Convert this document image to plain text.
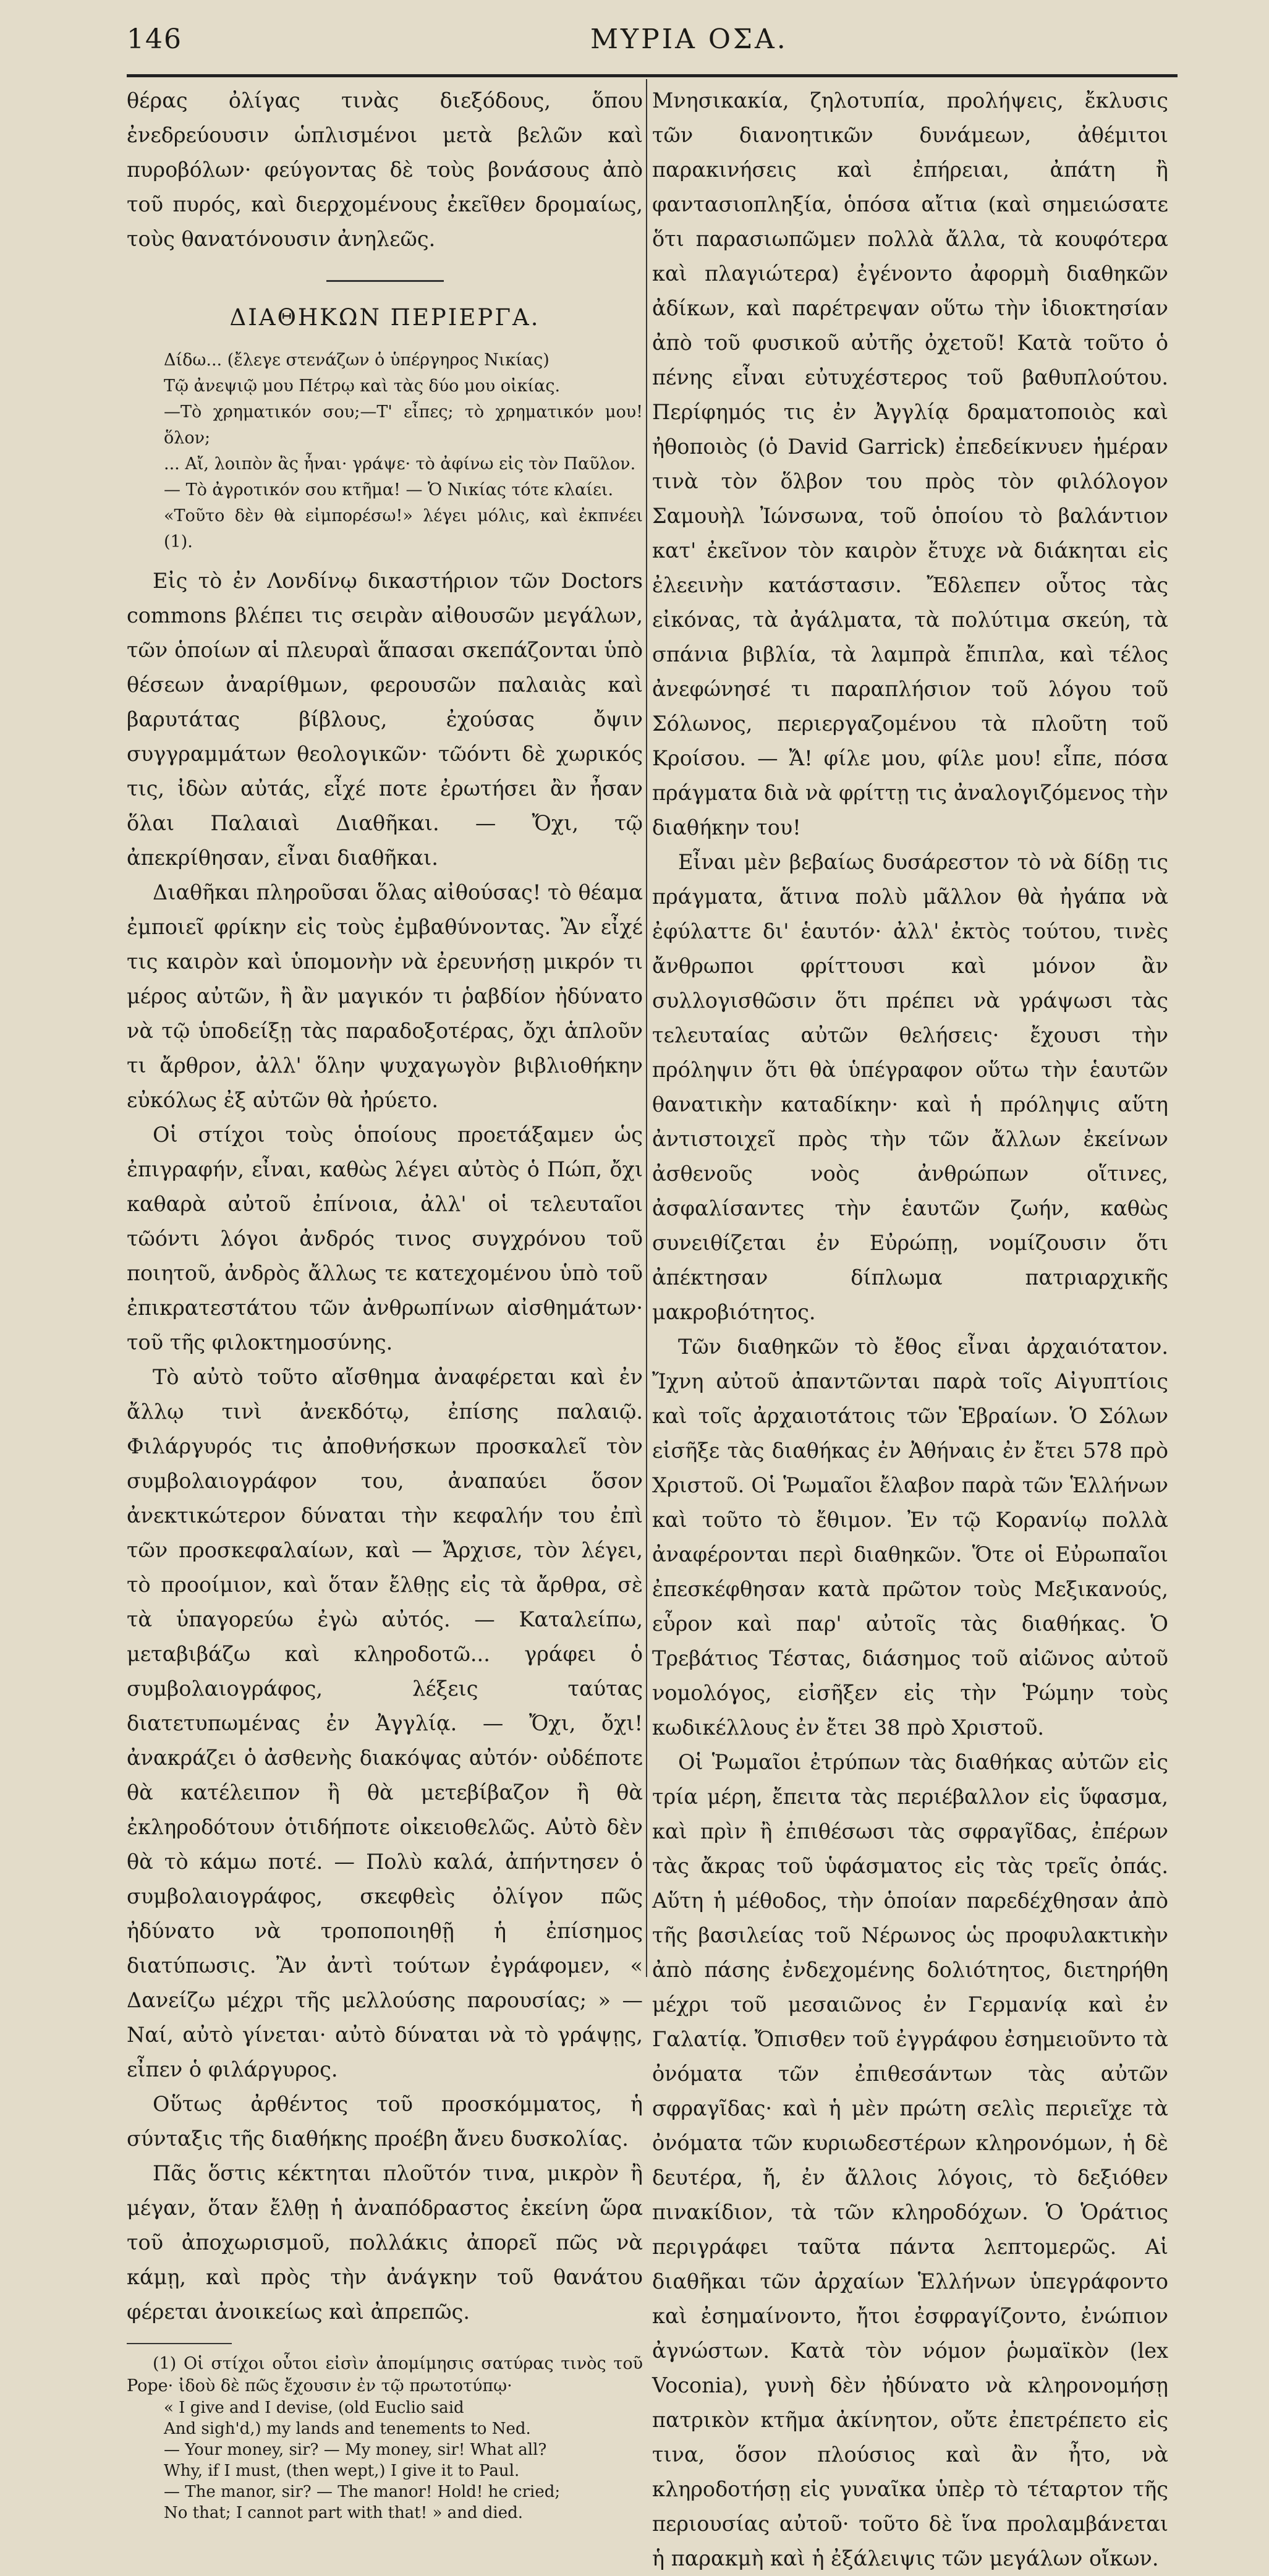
146	ΜΥΡΙΑ ΟΣΑ.

θέρας ὀλίγας τινὰς διεξόδους, ὅπου ἐνεδρεύουσιν ὡπλισμένοι μετὰ βελῶν καὶ πυροβόλων· φεύγοντας δὲ τοὺς βονάσους ἀπὸ τοῦ πυρός, καὶ διερχομένους ἐκεῖθεν δρομαίως, τοὺς θανατόνουσιν ἀνηλεῶς.

ΔΙΑΘΗΚΩΝ ΠΕΡΙΕΡΓΑ.
Δίδω... (ἔλεγε στενάζων ὁ ὑπέργηρος Νικίας)
Τῷ ἀνεψιῷ μου Πέτρῳ καὶ τὰς δύο μου οἰκίας.
—Τὸ χρηματικόν σου;—Τ' εἶπες; τὸ χρηματικόν μου! ὅλον;
... Αἴ, λοιπὸν ἂς ἦναι· γράψε· τὸ ἀφίνω εἰς τὸν Παῦλον.
— Τὸ ἀγροτικόν σου κτῆμα! — Ὁ Νικίας τότε κλαίει.
«Τοῦτο δὲν θὰ εἰμπορέσω!» λέγει μόλις, καὶ ἐκπνέει (1).

Εἰς τὸ ἐν Λονδίνῳ δικαστήριον τῶν Doctors commons βλέπει τις σειρὰν αἰθουσῶν μεγάλων, τῶν ὁποίων αἱ πλευραὶ ἅπασαι σκεπάζονται ὑπὸ θέσεων ἀναρίθμων, φερουσῶν παλαιὰς καὶ βαρυτάτας βίβλους, ἐχούσας ὄψιν συγγραμμάτων θεολογικῶν· τῶόντι δὲ χωρικός τις, ἰδὼν αὐτάς, εἶχέ ποτε ἐρωτήσει ἂν ἦσαν ὅλαι Παλαιαὶ Διαθῆκαι. — Ὄχι, τῷ ἀπεκρίθησαν, εἶναι διαθῆκαι.

Διαθῆκαι πληροῦσαι ὅλας αἰθούσας! τὸ θέαμα ἐμποιεῖ φρίκην εἰς τοὺς ἐμβαθύνοντας. Ἂν εἶχέ τις καιρὸν καὶ ὑπομονὴν νὰ ἐρευνήσῃ μικρόν τι μέρος αὐτῶν, ἢ ἂν μαγικόν τι ῥαβδίον ἠδύνατο νὰ τῷ ὑποδείξῃ τὰς παραδοξοτέρας, ὄχι ἁπλοῦν τι ἄρθρον, ἀλλ' ὅλην ψυχαγωγὸν βιβλιοθήκην εὐκόλως ἐξ αὐτῶν θὰ ἠρύετο.

Οἱ στίχοι τοὺς ὁποίους προετάξαμεν ὡς ἐπιγραφήν, εἶναι, καθὼς λέγει αὐτὸς ὁ Πώπ, ὄχι καθαρὰ αὐτοῦ ἐπίνοια, ἀλλ' οἱ τελευταῖοι τῶόντι λόγοι ἀνδρός τινος συγχρόνου τοῦ ποιητοῦ, ἀνδρὸς ἄλλως τε κατεχομένου ὑπὸ τοῦ ἐπικρατεστάτου τῶν ἀνθρωπίνων αἰσθημάτων· τοῦ τῆς φιλοκτημοσύνης.

Τὸ αὐτὸ τοῦτο αἴσθημα ἀναφέρεται καὶ ἐν ἄλλῳ τινὶ ἀνεκδότῳ, ἐπίσης παλαιῷ. Φιλάργυρός τις ἀποθνήσκων προσκαλεῖ τὸν συμβολαιογράφον του, ἀναπαύει ὅσον ἀνεκτικώτερον δύναται τὴν κεφαλήν του ἐπὶ τῶν προσκεφαλαίων, καὶ — Ἄρχισε, τὸν λέγει, τὸ προοίμιον, καὶ ὅταν ἔλθῃς εἰς τὰ ἄρθρα, σὲ τὰ ὑπαγορεύω ἐγὼ αὐτός. — Καταλείπω, μεταβιβάζω καὶ κληροδοτῶ... γράφει ὁ συμβολαιογράφος, λέξεις ταύτας διατετυπωμένας ἐν Ἀγγλίᾳ. — Ὄχι, ὄχι! ἀνακράζει ὁ ἀσθενὴς διακόψας αὐτόν· οὐδέποτε θὰ κατέλειπον ἢ θὰ μετεβίβαζον ἢ θὰ ἐκληροδότουν ὁτιδήποτε οἰκειοθελῶς. Αὐτὸ δὲν θὰ τὸ κάμω ποτέ. — Πολὺ καλά, ἀπήντησεν ὁ συμβολαιογράφος, σκεφθεὶς ὀλίγον πῶς ἠδύνατο νὰ τροποποιηθῇ ἡ ἐπίσημος διατύπωσις. Ἂν ἀντὶ τούτων ἐγράφομεν, « Δανείζω μέχρι τῆς μελλούσης παρουσίας; » — Ναί, αὐτὸ γίνεται· αὐτὸ δύναται νὰ τὸ γράψῃς, εἶπεν ὁ φιλάργυρος.

Οὕτως ἀρθέντος τοῦ προσκόμματος, ἡ σύνταξις τῆς διαθήκης προέβη ἄνευ δυσκολίας.

Πᾶς ὅστις κέκτηται πλοῦτόν τινα, μικρὸν ἢ μέγαν, ὅταν ἔλθῃ ἡ ἀναπόδραστος ἐκείνη ὥρα τοῦ ἀποχωρισμοῦ, πολλάκις ἀπορεῖ πῶς νὰ κάμῃ, καὶ πρὸς τὴν ἀνάγκην τοῦ θανάτου φέρεται ἀνοικείως καὶ ἀπρεπῶς.

(1) Οἱ στίχοι οὗτοι εἰσὶν ἀπομίμησις σατύρας τινὸς τοῦ Pope· ἰδοὺ δὲ πῶς ἔχουσιν ἐν τῷ πρωτοτύπῳ·

« I give and I devise, (old Euclio said
And sigh'd,) my lands and tenements to Ned.
— Your money, sir? — My money, sir! What all?
Why, if I must, (then wept,) I give it to Paul.
— The manor, sir? — The manor! Hold! he cried;
No that; I cannot part with that! » and died.

Μνησικακία, ζηλοτυπία, προλήψεις, ἔκλυσις τῶν διανοητικῶν δυνάμεων, ἀθέμιτοι παρακινήσεις καὶ ἐπήρειαι, ἀπάτη ἢ φαντασιοπληξία, ὁπόσα αἴτια (καὶ σημειώσατε ὅτι παρασιωπῶμεν πολλὰ ἄλλα, τὰ κουφότερα καὶ πλαγιώτερα) ἐγένοντο ἀφορμὴ διαθηκῶν ἀδίκων, καὶ παρέτρεψαν οὕτω τὴν ἰδιοκτησίαν ἀπὸ τοῦ φυσικοῦ αὐτῆς ὀχετοῦ! Κατὰ τοῦτο ὁ πένης εἶναι εὐτυχέστερος τοῦ βαθυπλούτου. Περίφημός τις ἐν Ἀγγλίᾳ δραματοποιὸς καὶ ἠθοποιὸς (ὁ David Garrick) ἐπεδείκνυεν ἡμέραν τινὰ τὸν ὅλβον του πρὸς τὸν φιλόλογον Σαμουὴλ Ἰώνσωνα, τοῦ ὁποίου τὸ βαλάντιον κατ' ἐκεῖνον τὸν καιρὸν ἔτυχε νὰ διάκηται εἰς ἐλεεινὴν κατάστασιν. Ἔδλεπεν οὗτος τὰς εἰκόνας, τὰ ἀγάλματα, τὰ πολύτιμα σκεύη, τὰ σπάνια βιβλία, τὰ λαμπρὰ ἔπιπλα, καὶ τέλος ἀνεφώνησέ τι παραπλήσιον τοῦ λόγου τοῦ Σόλωνος, περιεργαζομένου τὰ πλοῦτη τοῦ Κροίσου. — Ἄ! φίλε μου, φίλε μου! εἶπε, πόσα πράγματα διὰ νὰ φρίττῃ τις ἀναλογιζόμενος τὴν διαθήκην του!

Εἶναι μὲν βεβαίως δυσάρεστον τὸ νὰ δίδῃ τις πράγματα, ἅτινα πολὺ μᾶλλον θὰ ἠγάπα νὰ ἐφύλαττε δι' ἑαυτόν· ἀλλ' ἐκτὸς τούτου, τινὲς ἄνθρωποι φρίττουσι καὶ μόνον ἂν συλλογισθῶσιν ὅτι πρέπει νὰ γράψωσι τὰς τελευταίας αὐτῶν θελήσεις· ἔχουσι τὴν πρόληψιν ὅτι θὰ ὑπέγραφον οὕτω τὴν ἑαυτῶν θανατικὴν καταδίκην· καὶ ἡ πρόληψις αὕτη ἀντιστοιχεῖ πρὸς τὴν τῶν ἄλλων ἐκείνων ἀσθενοῦς νοὸς ἀνθρώπων οἵτινες, ἀσφαλίσαντες τὴν ἑαυτῶν ζωήν, καθὼς συνειθίζεται ἐν Εὐρώπῃ, νομίζουσιν ὅτι ἀπέκτησαν δίπλωμα πατριαρχικῆς μακροβιότητος.

Τῶν διαθηκῶν τὸ ἔθος εἶναι ἀρχαιότατον. Ἴχνη αὐτοῦ ἀπαντῶνται παρὰ τοῖς Αἰγυπτίοις καὶ τοῖς ἀρχαιοτάτοις τῶν Ἑβραίων. Ὁ Σόλων εἰσῆξε τὰς διαθήκας ἐν Ἀθήναις ἐν ἔτει 578 πρὸ Χριστοῦ. Οἱ Ῥωμαῖοι ἔλαβον παρὰ τῶν Ἑλλήνων καὶ τοῦτο τὸ ἔθιμον. Ἐν τῷ Κορανίῳ πολλὰ ἀναφέρονται περὶ διαθηκῶν. Ὅτε οἱ Εὐρωπαῖοι ἐπεσκέφθησαν κατὰ πρῶτον τοὺς Μεξικανούς, εὗρον καὶ παρ' αὐτοῖς τὰς διαθήκας. Ὁ Τρεβάτιος Τέστας, διάσημος τοῦ αἰῶνος αὐτοῦ νομολόγος, εἰσῆξεν εἰς τὴν Ῥώμην τοὺς κωδικέλλους ἐν ἔτει 38 πρὸ Χριστοῦ.

Οἱ Ῥωμαῖοι ἐτρύπων τὰς διαθήκας αὐτῶν εἰς τρία μέρη, ἔπειτα τὰς περιέβαλλον εἰς ὕφασμα, καὶ πρὶν ἢ ἐπιθέσωσι τὰς σφραγῖδας, ἐπέρων τὰς ἄκρας τοῦ ὑφάσματος εἰς τὰς τρεῖς ὀπάς. Αὕτη ἡ μέθοδος, τὴν ὁποίαν παρεδέχθησαν ἀπὸ τῆς βασιλείας τοῦ Νέρωνος ὡς προφυλακτικὴν ἀπὸ πάσης ἐνδεχομένης δολιότητος, διετηρήθη μέχρι τοῦ μεσαιῶνος ἐν Γερμανίᾳ καὶ ἐν Γαλατίᾳ. Ὄπισθεν τοῦ ἐγγράφου ἐσημειοῦντο τὰ ὀνόματα τῶν ἐπιθεσάντων τὰς αὐτῶν σφραγῖδας· καὶ ἡ μὲν πρώτη σελὶς περιεῖχε τὰ ὀνόματα τῶν κυριωδεστέρων κληρονόμων, ἡ δὲ δευτέρα, ἤ, ἐν ἄλλοις λόγοις, τὸ δεξιόθεν πινακίδιον, τὰ τῶν κληροδόχων. Ὁ Ὁράτιος περιγράφει ταῦτα πάντα λεπτομερῶς. Αἱ διαθῆκαι τῶν ἀρχαίων Ἑλλήνων ὑπεγράφοντο καὶ ἐσημαίνοντο, ἤτοι ἐσφραγίζοντο, ἐνώπιον ἀγνώστων. Κατὰ τὸν νόμον ῥωμαϊκὸν (lex Voconia), γυνὴ δὲν ἠδύνατο νὰ κληρονομήσῃ πατρικὸν κτῆμα ἀκίνητον, οὔτε ἐπετρέπετο εἰς τινα, ὅσον πλούσιος καὶ ἂν ἦτο, νὰ κληροδοτήσῃ εἰς γυναῖκα ὑπὲρ τὸ τέταρτον τῆς περιουσίας αὐτοῦ· τοῦτο δὲ ἵνα προλαμβάνεται ἡ παρακμὴ καὶ ἡ ἐξάλειψις τῶν μεγάλων οἴκων.
